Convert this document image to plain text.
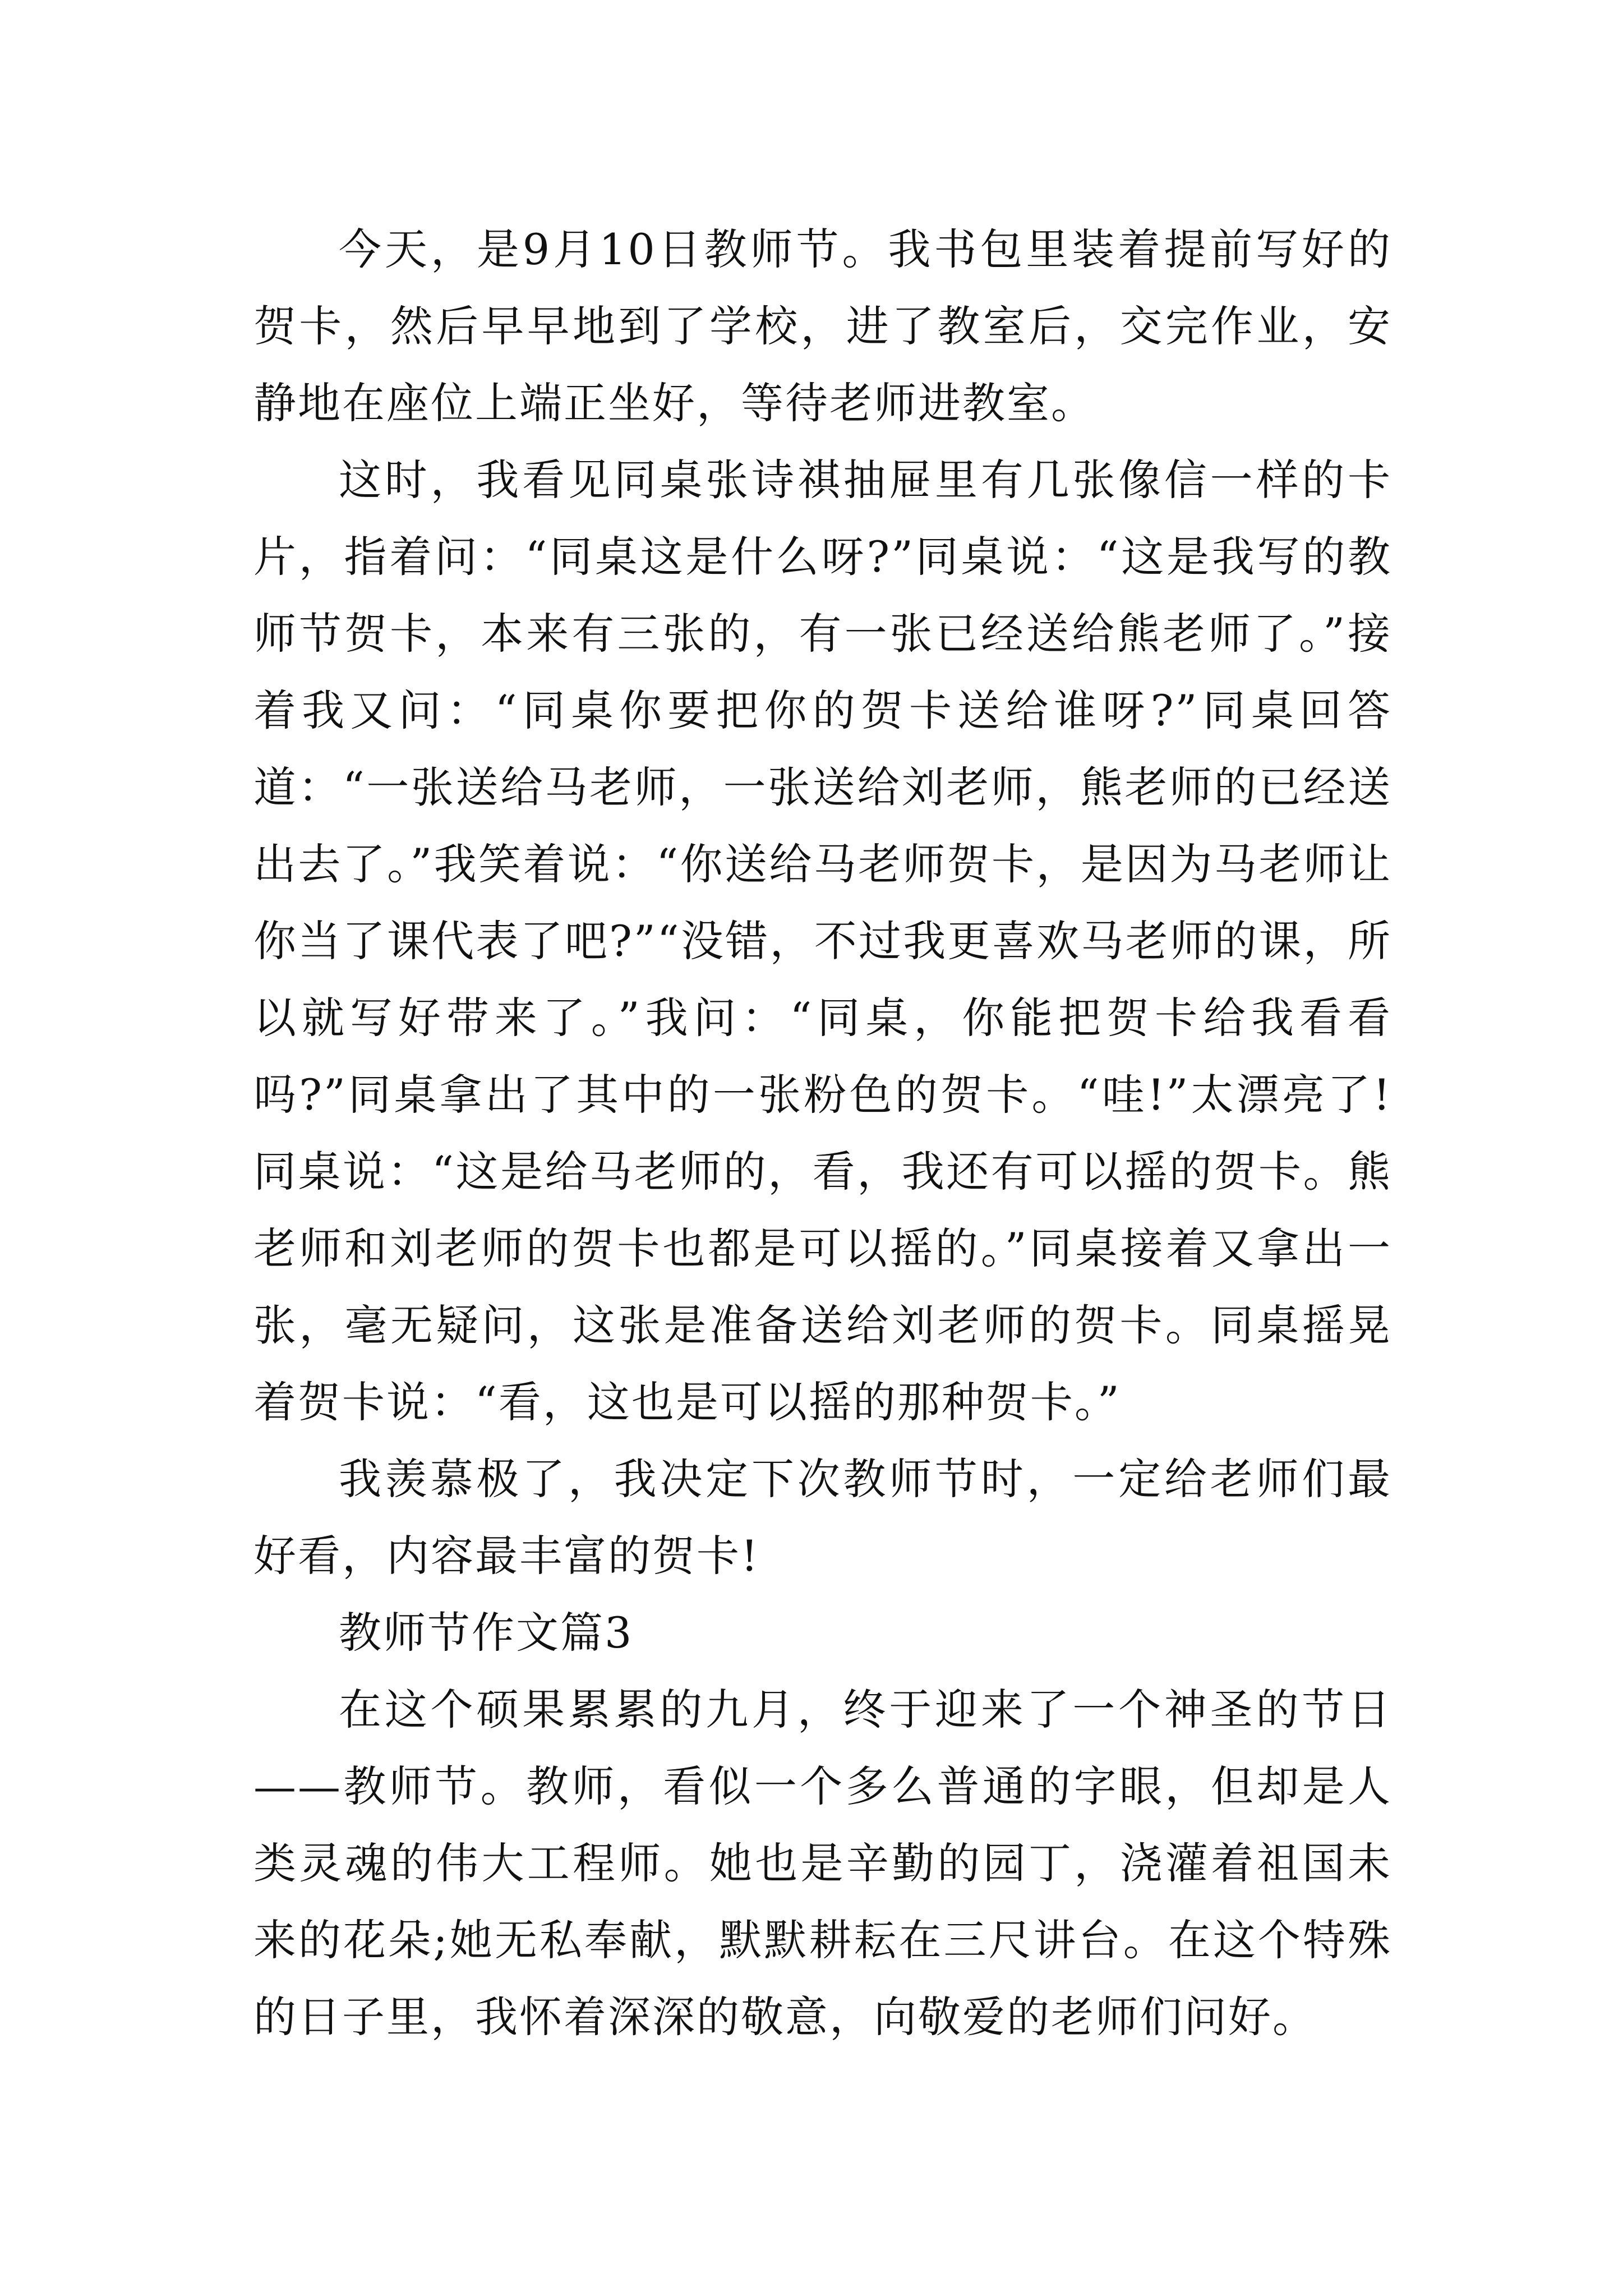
今天，是9月10日教师节。我书包里装着提前写好的贺卡，然后早早地到了学校，进了教室后，交完作业，安静地在座位上端正坐好，等待老师进教室。

这时，我看见同桌张诗祺抽屉里有几张像信一样的卡片，指着问：“同桌这是什么呀?”同桌说：“这是我写的教师节贺卡，本来有三张的，有一张已经送给熊老师了。”接着我又问：“同桌你要把你的贺卡送给谁呀?”同桌回答道：“一张送给马老师，一张送给刘老师，熊老师的已经送出去了。”我笑着说：“你送给马老师贺卡，是因为马老师让你当了课代表了吧?”“没错，不过我更喜欢马老师的课，所以就写好带来了。”我问：“同桌，你能把贺卡给我看看吗?”同桌拿出了其中的一张粉色的贺卡。“哇!”太漂亮了!同桌说：“这是给马老师的，看，我还有可以摇的贺卡。熊老师和刘老师的贺卡也都是可以摇的。”同桌接着又拿出一张，毫无疑问，这张是准备送给刘老师的贺卡。同桌摇晃着贺卡说：“看，这也是可以摇的那种贺卡。”

我羡慕极了，我决定下次教师节时，一定给老师们最好看，内容最丰富的贺卡!

教师节作文篇3

在这个硕果累累的九月，终于迎来了一个神圣的节日——教师节。教师，看似一个多么普通的字眼，但却是人类灵魂的伟大工程师。她也是辛勤的园丁，浇灌着祖国未来的花朵;她无私奉献，默默耕耘在三尺讲台。在这个特殊的日子里，我怀着深深的敬意，向敬爱的老师们问好。
